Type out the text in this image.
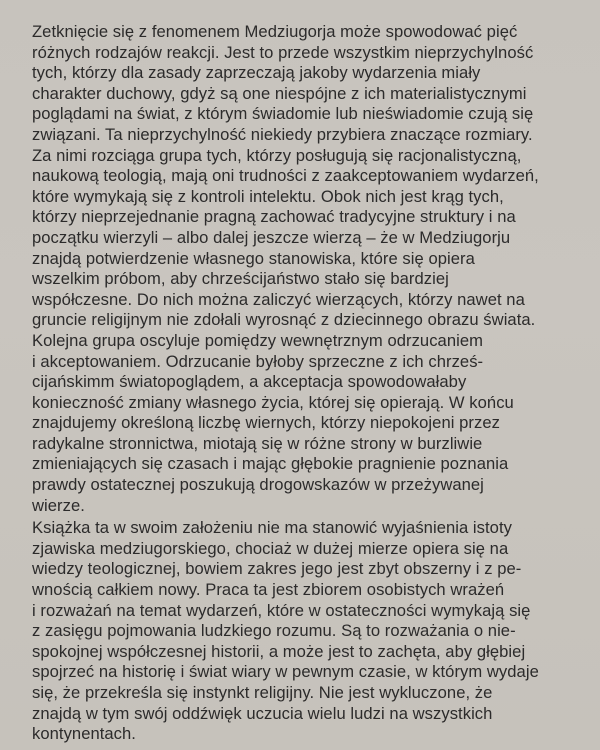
Zetknięcie się z fenomenem Medziugorja może spowodować pięć
różnych rodzajów reakcji. Jest to przede wszystkim nieprzychylność
tych, którzy dla zasady zaprzeczają jakoby wydarzenia miały
charakter duchowy, gdyż są one niespójne z ich materialistycznymi
poglądami na świat, z którym świadomie lub nieświadomie czują się
związani. Ta nieprzychylność niekiedy przybiera znaczące rozmiary.
Za nimi rozciąga grupa tych, którzy posługują się racjonalistyczną,
naukową teologią, mają oni trudności z zaakceptowaniem wydarzeń,
które wymykają się z kontroli intelektu. Obok nich jest krąg tych,
którzy nieprzejednanie pragną zachować tradycyjne struktury i na
początku wierzyli – albo dalej jeszcze wierzą – że w Medziugorju
znajdą potwierdzenie własnego stanowiska, które się opiera
wszelkim próbom, aby chrześcijaństwo stało się bardziej
współczesne. Do nich można zaliczyć wierzących, którzy nawet na
gruncie religijnym nie zdołali wyrosnąć z dziecinnego obrazu świata.
Kolejna grupa oscyluje pomiędzy wewnętrznym odrzucaniem
i akceptowaniem. Odrzucanie byłoby sprzeczne z ich chrześ-
cijańskimm światopoglądem, a akceptacja spowodowałaby
konieczność zmiany własnego życia, której się opierają. W końcu
znajdujemy określoną liczbę wiernych, którzy niepokojeni przez
radykalne stronnictwa, miotają się w różne strony w burzliwie
zmieniających się czasach i mając głębokie pragnienie poznania
prawdy ostatecznej poszukują drogowskazów w przeżywanej
wierze.

Książka ta w swoim założeniu nie ma stanowić wyjaśnienia istoty
zjawiska medziugorskiego, chociaż w dużej mierze opiera się na
wiedzy teologicznej, bowiem zakres jego jest zbyt obszerny i z pe-
wnością całkiem nowy. Praca ta jest zbiorem osobistych wrażeń
i rozważań na temat wydarzeń, które w ostateczności wymykają się
z zasięgu pojmowania ludzkiego rozumu. Są to rozważania o nie-
spokojnej współczesnej historii, a może jest to zachęta, aby głębiej
spojrzeć na historię i świat wiary w pewnym czasie, w którym wydaje
się, że przekreśla się instynkt religijny. Nie jest wykluczone, że
znajdą w tym swój oddźwięk uczucia wielu ludzi na wszystkich
kontynentach.
